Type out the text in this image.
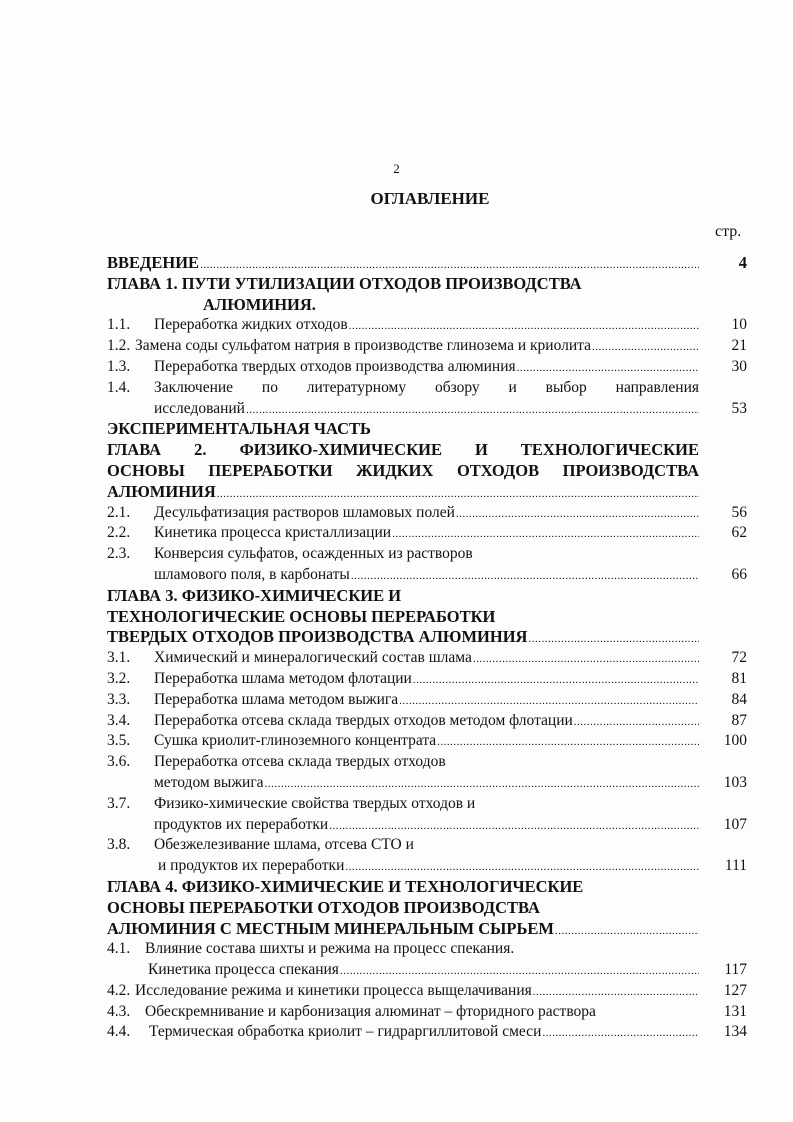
2
ОГЛАВЛЕНИЕ
стр.
ВВЕДЕНИЕ .....	4
ГЛАВА 1. ПУТИ УТИЛИЗАЦИИ ОТХОДОВ ПРОИЗВОДСТВА
АЛЮМИНИЯ.
1.1.	Переработка жидких отходов .....	10
1.2. Замена соды сульфатом натрия в производстве глинозема и криолита .....	21
1.3.	Переработка твердых отходов производства алюминия .....	30
1.4.	Заключение по литературному обзору и выбор направления
исследований .....	53
ЭКСПЕРИМЕНТАЛЬНАЯ ЧАСТЬ
ГЛАВА 2. ФИЗИКО-ХИМИЧЕСКИЕ И ТЕХНОЛОГИЧЕСКИЕ
ОСНОВЫ ПЕРЕРАБОТКИ ЖИДКИХ ОТХОДОВ ПРОИЗВОДСТВА
АЛЮМИНИЯ
.....
2.1.	Десульфатизация растворов шламовых полей .....	56
2.2.	Кинетика процесса кристаллизации .....	62
2.3.	Конверсия сульфатов, осажденных из растворов
шламового поля, в карбонаты .....	66
ГЛАВА 3. ФИЗИКО-ХИМИЧЕСКИЕ И
ТЕХНОЛОГИЧЕСКИЕ ОСНОВЫ ПЕРЕРАБОТКИ
ТВЕРДЫХ ОТХОДОВ ПРОИЗВОДСТВА АЛЮМИНИЯ
.....
3.1.	Химический и минералогический состав шлама .....	72
3.2.	Переработка шлама методом флотации .....	81
3.3.	Переработка шлама методом выжига .....	84
3.4.	Переработка отсева склада твердых отходов методом флотации .....	87
3.5.	Сушка криолит-глиноземного концентрата .....	100
3.6.	Переработка отсева склада твердых отходов
методом выжига .....	103
3.7.	Физико-химические свойства твердых отходов и
продуктов их переработки .....	107
3.8.	Обезжелезивание шлама, отсева СТО и
и продуктов их переработки .....	111
ГЛАВА 4. ФИЗИКО-ХИМИЧЕСКИЕ И ТЕХНОЛОГИЧЕСКИЕ
ОСНОВЫ ПЕРЕРАБОТКИ ОТХОДОВ ПРОИЗВОДСТВА
АЛЮМИНИЯ С МЕСТНЫМ МИНЕРАЛЬНЫМ СЫРЬЕМ
.....
4.1. Влияние состава шихты и режима на процесс спекания.
Кинетика процесса спекания .....	117
4.2. Исследование режима и кинетики процесса выщелачивания .....	127
4.3. Обескремнивание и карбонизация алюминат – фторидного раствора	131
4.4.	Термическая обработка криолит – гидраргиллитовой смеси .....	134
